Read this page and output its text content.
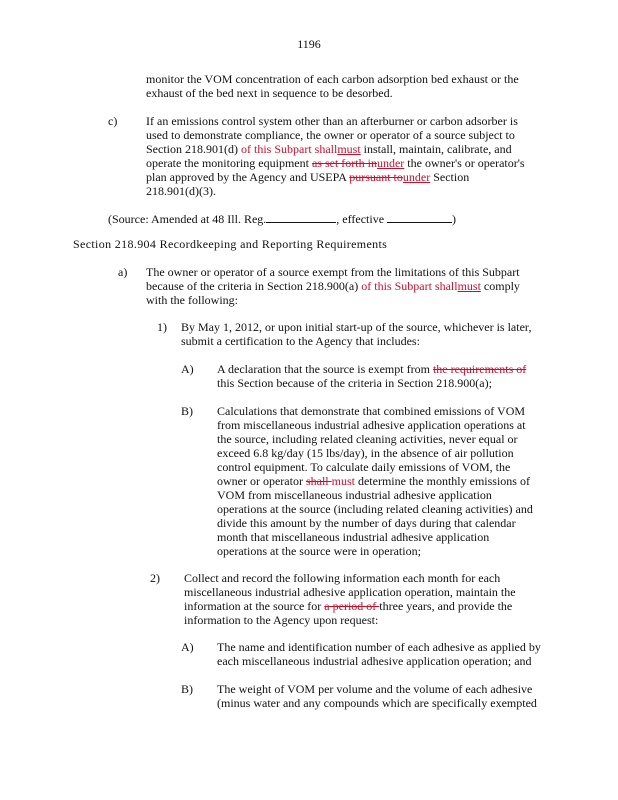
1196
monitor the VOM concentration of each carbon adsorption bed exhaust or the
exhaust of the bed next in sequence to be desorbed.
c) If an emissions control system other than an afterburner or carbon adsorber is
used to demonstrate compliance, the owner or operator of a source subject to
Section 218.901(d) of this Subpart shallmust install, maintain, calibrate, and
operate the monitoring equipment as set forth inunder the owner's or operator's
plan approved by the Agency and USEPA pursuant tounder Section
218.901(d)(3).
(Source: Amended at 48 Ill. Reg.	, effective	)
Section 218.904 Recordkeeping and Reporting Requirements
a) The owner or operator of a source exempt from the limitations of this Subpart
because of the criteria in Section 218.900(a) of this Subpart shallmust comply
with the following:
1) By May 1, 2012, or upon initial start-up of the source, whichever is later,
submit a certification to the Agency that includes:
A) A declaration that the source is exempt from the requirements of
this Section because of the criteria in Section 218.900(a);
B) Calculations that demonstrate that combined emissions of VOM
from miscellaneous industrial adhesive application operations at
the source, including related cleaning activities, never equal or
exceed 6.8 kg/day (15 lbs/day), in the absence of air pollution
control equipment. To calculate daily emissions of VOM, the
owner or operator shall must determine the monthly emissions of
VOM from miscellaneous industrial adhesive application
operations at the source (including related cleaning activities) and
divide this amount by the number of days during that calendar
month that miscellaneous industrial adhesive application
operations at the source were in operation;
2) Collect and record the following information each month for each
miscellaneous industrial adhesive application operation, maintain the
information at the source for a period of three years, and provide the
information to the Agency upon request:
A) The name and identification number of each adhesive as applied by
each miscellaneous industrial adhesive application operation; and
B) The weight of VOM per volume and the volume of each adhesive
(minus water and any compounds which are specifically exempted
